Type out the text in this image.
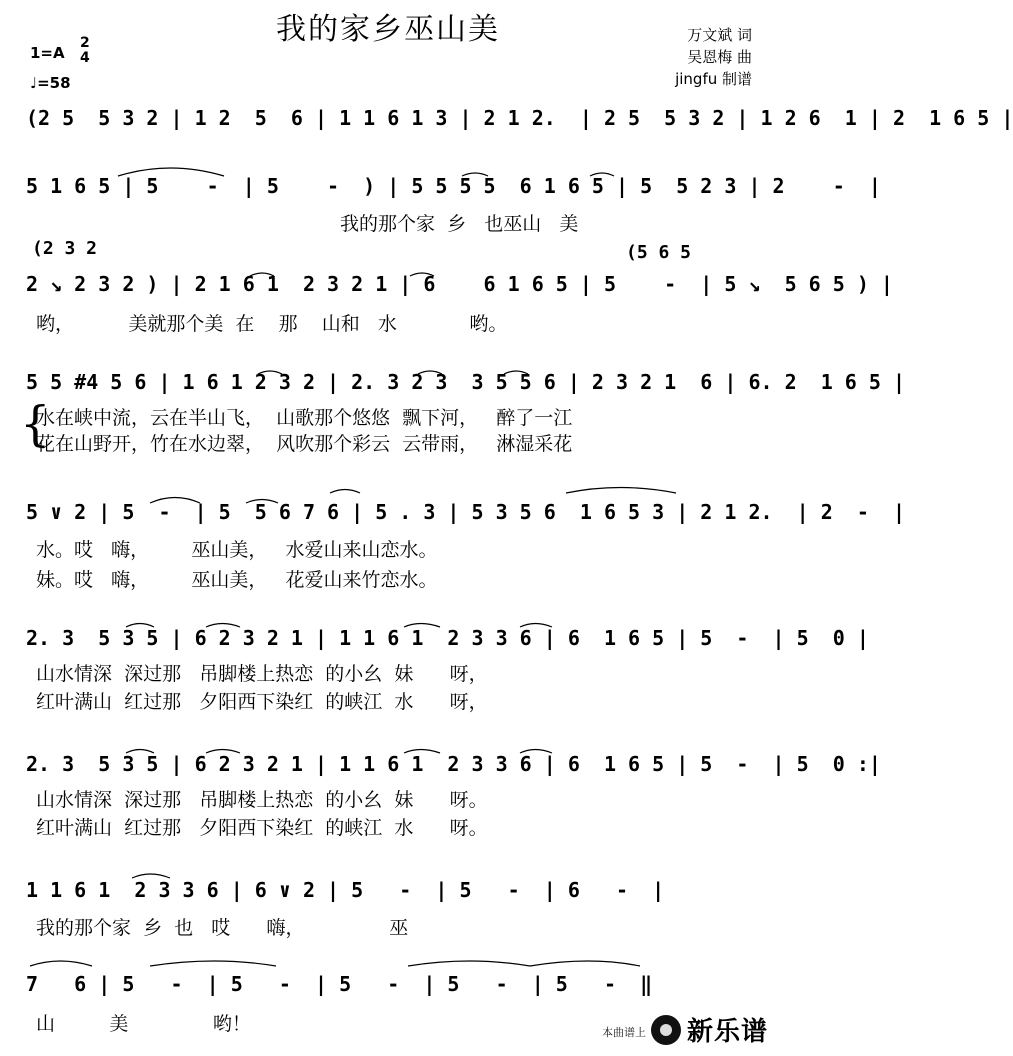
我的家乡巫山美	万文斌 词
吴恩梅 曲
jingfu 制谱
1=A
2
4
♩=58
(2 5  5 3 2 | 1 2  5  6 | 1 1 6 1 3 | 2 1 2.  | 2 5  5 3 2 | 1 2 6  1 | 2  1 6 5 |
5 1 6 5 | 5    -  | 5    -  ) | 5 5 5 5  6 1 6 5 | 5  5 2 3 | 2    -  |
我的那个家  乡   也巫山   美
(2 3 2	(5 6 5
2 ↘ 2 3 2 ) | 2 1 6 1  2 3 2 1 | 6    6 1 6 5 | 5    -  | 5 ↘  5 6 5 ) |
哟，         美就那个美  在    那    山和   水            哟。
5 5 #4 5 6 | 1 6 1 2 3 2 | 2. 3 2 3  3 5 5 6 | 2 3 2 1  6 | 6. 2  1 6 5 |
{
水在峡中流，云在半山飞，  山歌那个悠悠  飘下河，   醉了一江
花在山野开，竹在水边翠，  风吹那个彩云  云带雨，   淋湿采花
5 ∨ 2 | 5  -  | 5  5 6 7 6 | 5 . 3 | 5 3 5 6  1 6 5 3 | 2 1 2.  | 2  -  |
水。哎   嗨，       巫山美，   水爱山来山恋水。
妹。哎   嗨，       巫山美，   花爱山来竹恋水。
2. 3  5 3 5 | 6 2 3 2 1 | 1 1 6 1  2 3 3 6 | 6  1 6 5 | 5  -  | 5  0 |
山水情深  深过那   吊脚楼上热恋  的小幺  妹      呀，
红叶满山  红过那   夕阳西下染红  的峡江  水      呀，
2. 3  5 3 5 | 6 2 3 2 1 | 1 1 6 1  2 3 3 6 | 6  1 6 5 | 5  -  | 5  0 :|
山水情深  深过那   吊脚楼上热恋  的小幺  妹      呀。
红叶满山  红过那   夕阳西下染红  的峡江  水      呀。
1 1 6 1  2 3 3 6 | 6 ∨ 2 | 5   -  | 5   -  | 6   -  |
我的那个家  乡  也   哎      嗨，              巫
7   6 | 5   -  | 5   -  | 5   -  | 5   -  | 5   -  ‖
山         美              哟！	本曲谱上 新乐谱
